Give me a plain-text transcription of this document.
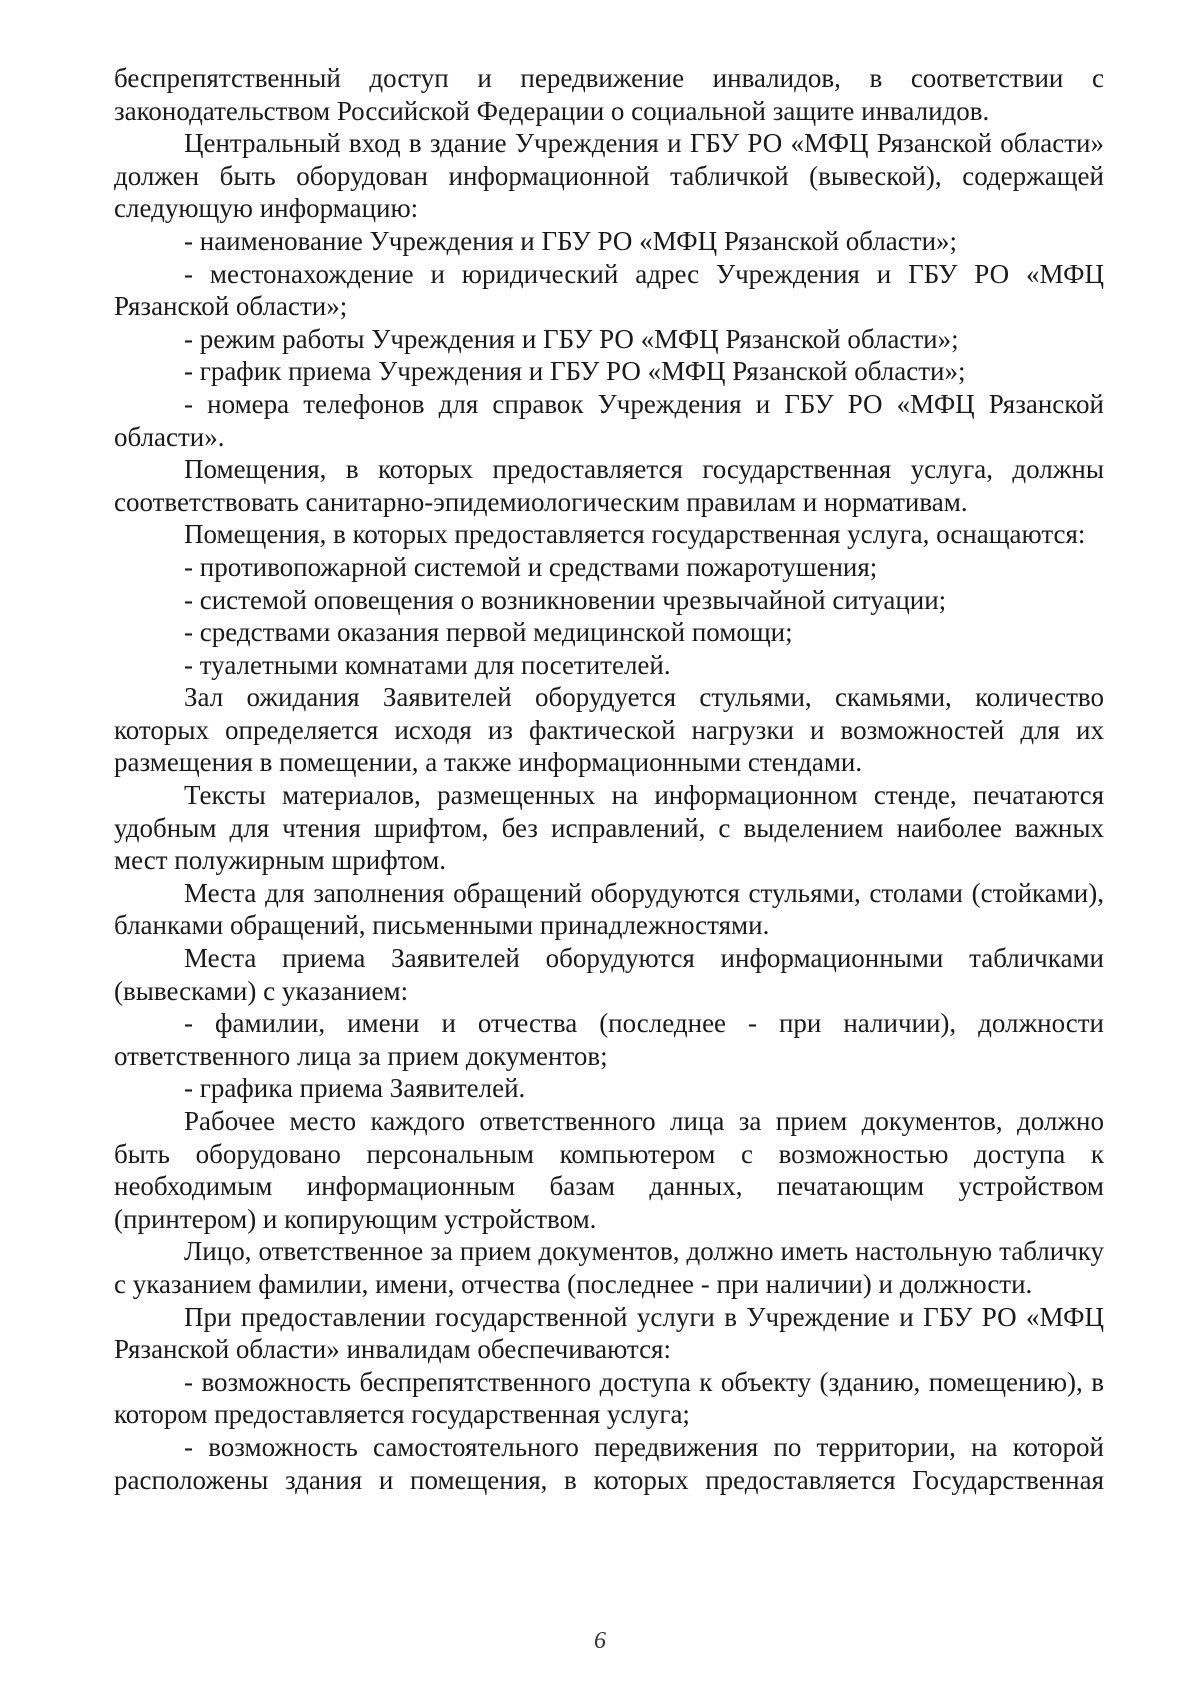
беспрепятственный доступ и передвижение инвалидов, в соответствии с законодательством Российской Федерации о социальной защите инвалидов.

Центральный вход в здание Учреждения и ГБУ РО «МФЦ Рязанской области» должен быть оборудован информационной табличкой (вывеской), содержащей следующую информацию:

- наименование Учреждения и ГБУ РО «МФЦ Рязанской области»;

- местонахождение и юридический адрес Учреждения и ГБУ РО «МФЦ Рязанской области»;

- режим работы Учреждения и ГБУ РО «МФЦ Рязанской области»;

- график приема Учреждения и ГБУ РО «МФЦ Рязанской области»;

- номера телефонов для справок Учреждения и ГБУ РО «МФЦ Рязанской области».

Помещения, в которых предоставляется государственная услуга, должны соответствовать санитарно-эпидемиологическим правилам и нормативам.

Помещения, в которых предоставляется государственная услуга, оснащаются:

- противопожарной системой и средствами пожаротушения;

- системой оповещения о возникновении чрезвычайной ситуации;

- средствами оказания первой медицинской помощи;

- туалетными комнатами для посетителей.

Зал ожидания Заявителей оборудуется стульями, скамьями, количество которых определяется исходя из фактической нагрузки и возможностей для их размещения в помещении, а также информационными стендами.

Тексты материалов, размещенных на информационном стенде, печатаются удобным для чтения шрифтом, без исправлений, с выделением наиболее важных мест полужирным шрифтом.

Места для заполнения обращений оборудуются стульями, столами (стойками), бланками обращений, письменными принадлежностями.

Места приема Заявителей оборудуются информационными табличками (вывесками) с указанием:

- фамилии, имени и отчества (последнее - при наличии), должности ответственного лица за прием документов;

- графика приема Заявителей.

Рабочее место каждого ответственного лица за прием документов, должно быть оборудовано персональным компьютером с возможностью доступа к необходимым информационным базам данных, печатающим устройством (принтером) и копирующим устройством.

Лицо, ответственное за прием документов, должно иметь настольную табличку с указанием фамилии, имени, отчества (последнее - при наличии) и должности.

При предоставлении государственной услуги в Учреждение и ГБУ РО «МФЦ Рязанской области» инвалидам обеспечиваются:

- возможность беспрепятственного доступа к объекту (зданию, помещению), в котором предоставляется государственная услуга;

- возможность самостоятельного передвижения по территории, на которой расположены здания и помещения, в которых предоставляется Государственная

6
